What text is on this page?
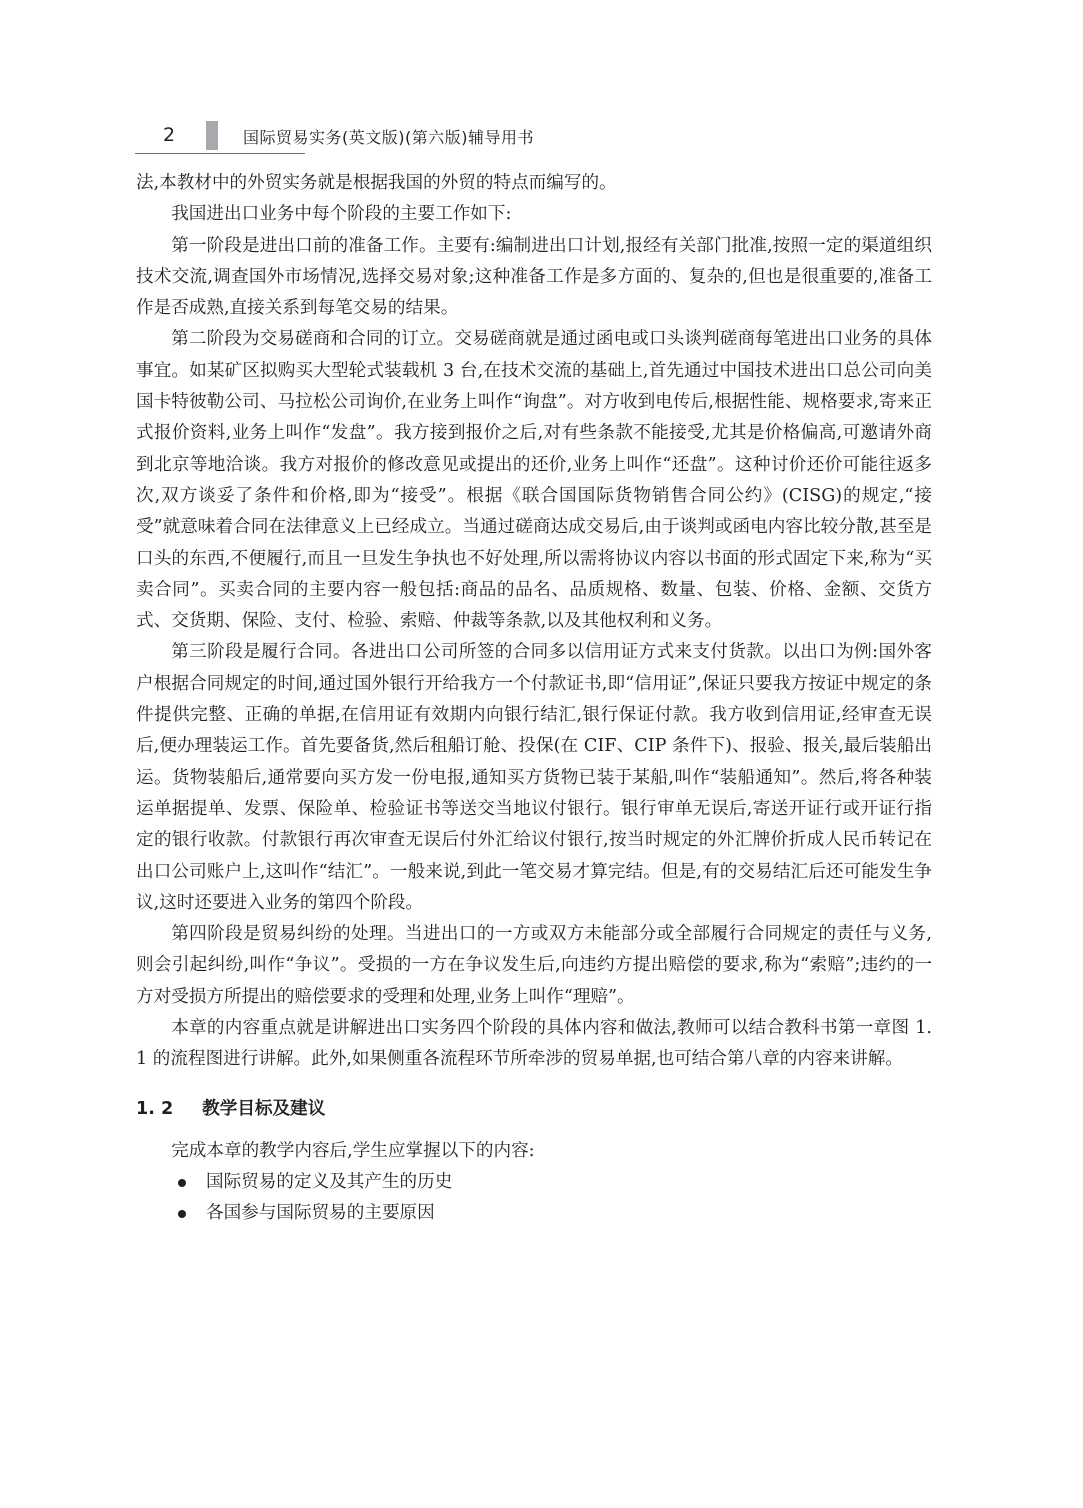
2	国际贸易实务(英文版)(第六版)辅导用书

法,本教材中的外贸实务就是根据我国的外贸的特点而编写的。

我国进出口业务中每个阶段的主要工作如下:

第一阶段是进出口前的准备工作。主要有:编制进出口计划,报经有关部门批准,按照一定的渠道组织技术交流,调查国外市场情况,选择交易对象;这种准备工作是多方面的、复杂的,但也是很重要的,准备工作是否成熟,直接关系到每笔交易的结果。

第二阶段为交易磋商和合同的订立。交易磋商就是通过函电或口头谈判磋商每笔进出口业务的具体事宜。如某矿区拟购买大型轮式装载机 3 台,在技术交流的基础上,首先通过中国技术进出口总公司向美国卡特彼勒公司、马拉松公司询价,在业务上叫作“询盘”。对方收到电传后,根据性能、规格要求,寄来正式报价资料,业务上叫作“发盘”。我方接到报价之后,对有些条款不能接受,尤其是价格偏高,可邀请外商到北京等地洽谈。我方对报价的修改意见或提出的还价,业务上叫作“还盘”。这种讨价还价可能往返多次,双方谈妥了条件和价格,即为“接受”。根据《联合国国际货物销售合同公约》(CISG)的规定,“接受”就意味着合同在法律意义上已经成立。当通过磋商达成交易后,由于谈判或函电内容比较分散,甚至是口头的东西,不便履行,而且一旦发生争执也不好处理,所以需将协议内容以书面的形式固定下来,称为“买卖合同”。买卖合同的主要内容一般包括:商品的品名、品质规格、数量、包装、价格、金额、交货方式、交货期、保险、支付、检验、索赔、仲裁等条款,以及其他权利和义务。

第三阶段是履行合同。各进出口公司所签的合同多以信用证方式来支付货款。以出口为例:国外客户根据合同规定的时间,通过国外银行开给我方一个付款证书,即“信用证”,保证只要我方按证中规定的条件提供完整、正确的单据,在信用证有效期内向银行结汇,银行保证付款。我方收到信用证,经审查无误后,便办理装运工作。首先要备货,然后租船订舱、投保(在 CIF、CIP 条件下)、报验、报关,最后装船出运。货物装船后,通常要向买方发一份电报,通知买方货物已装于某船,叫作“装船通知”。然后,将各种装运单据提单、发票、保险单、检验证书等送交当地议付银行。银行审单无误后,寄送开证行或开证行指定的银行收款。付款银行再次审查无误后付外汇给议付银行,按当时规定的外汇牌价折成人民币转记在出口公司账户上,这叫作“结汇”。一般来说,到此一笔交易才算完结。但是,有的交易结汇后还可能发生争议,这时还要进入业务的第四个阶段。

第四阶段是贸易纠纷的处理。当进出口的一方或双方未能部分或全部履行合同规定的责任与义务,则会引起纠纷,叫作“争议”。受损的一方在争议发生后,向违约方提出赔偿的要求,称为“索赔”;违约的一方对受损方所提出的赔偿要求的受理和处理,业务上叫作“理赔”。

本章的内容重点就是讲解进出口实务四个阶段的具体内容和做法,教师可以结合教科书第一章图 1. 1 的流程图进行讲解。此外,如果侧重各流程环节所牵涉的贸易单据,也可结合第八章的内容来讲解。

1. 2 教学目标及建议

完成本章的教学内容后,学生应掌握以下的内容:

国际贸易的定义及其产生的历史
各国参与国际贸易的主要原因
